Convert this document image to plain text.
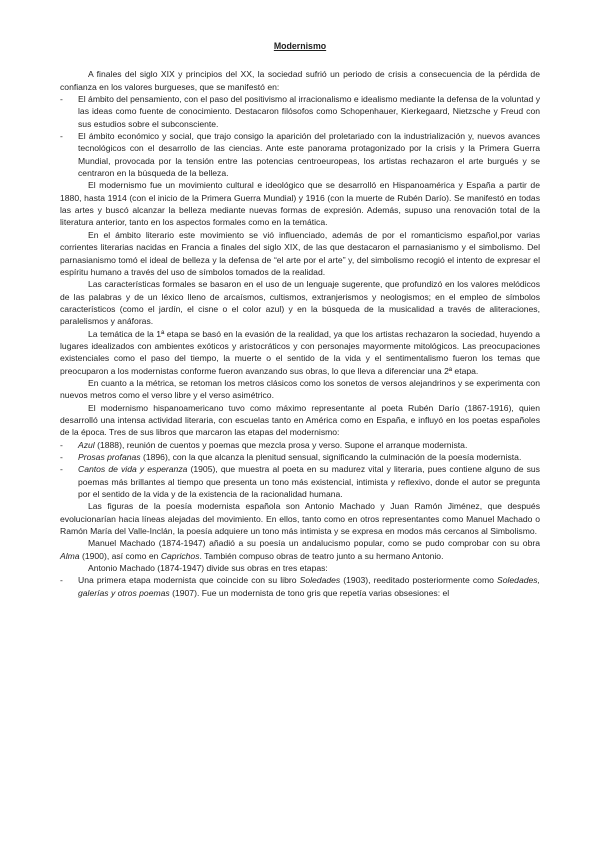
Modernismo

A finales del siglo XIX y principios del XX, la sociedad sufrió un periodo de crisis a consecuencia de la pérdida de confianza en los valores burgueses, que se manifestó en:

- El ámbito del pensamiento, con el paso del positivismo al irracionalismo e idealismo mediante la defensa de la voluntad y las ideas como fuente de conocimiento. Destacaron filósofos como Schopenhauer, Kierkegaard, Nietzsche y Freud con sus estudios sobre el subconsciente.
- El ámbito económico y social, que trajo consigo la aparición del proletariado con la industrialización y, nuevos avances tecnológicos con el desarrollo de las ciencias. Ante este panorama protagonizado por la crisis y la Primera Guerra Mundial, provocada por la tensión entre las potencias centroeuropeas, los artistas rechazaron el arte burgués y se centraron en la búsqueda de la belleza.

El modernismo fue un movimiento cultural e ideológico que se desarrolló en Hispanoamérica y España a partir de 1880, hasta 1914 (con el inicio de la Primera Guerra Mundial) y 1916 (con la muerte de Rubén Darío). Se manifestó en todas las artes y buscó alcanzar la belleza mediante nuevas formas de expresión. Además, supuso una renovación total de la literatura anterior, tanto en los aspectos formales como en la temática.

En el ámbito literario este movimiento se vió influenciado, además de por el romanticismo español,por varias corrientes literarias nacidas en Francia a finales del siglo XIX, de las que destacaron el parnasianismo y el simbolismo. Del parnasianismo tomó el ideal de belleza y la defensa de “el arte por el arte” y, del simbolismo recogió el intento de expresar el espíritu humano a través del uso de símbolos tomados de la realidad.

Las características formales se basaron en el uso de un lenguaje sugerente, que profundizó en los valores melódicos de las palabras y de un léxico lleno de arcaísmos, cultismos, extranjerismos y neologismos; en el empleo de símbolos característicos (como el jardín, el cisne o el color azul) y en la búsqueda de la musicalidad a través de aliteraciones, paralelismos y anáforas.

La temática de la 1ª etapa se basó en la evasión de la realidad, ya que los artistas rechazaron la sociedad, huyendo a lugares idealizados con ambientes exóticos y aristocráticos y con personajes mayormente mitológicos. Las preocupaciones existenciales como el paso del tiempo, la muerte o el sentido de la vida y el sentimentalismo fueron los temas que preocuparon a los modernistas conforme fueron avanzando sus obras, lo que lleva a diferenciar una 2ª etapa.

En cuanto a la métrica, se retoman los metros clásicos como los sonetos de versos alejandrinos y se experimenta con nuevos metros como el verso libre y el verso asimétrico.

El modernismo hispanoamericano tuvo como máximo representante al poeta Rubén Darío (1867-1916), quien desarrolló una intensa actividad literaria, con escuelas tanto en América como en España, e influyó en los poetas españoles de la época. Tres de sus libros que marcaron las etapas del modernismo:

- Azul (1888), reunión de cuentos y poemas que mezcla prosa y verso. Supone el arranque modernista.
- Prosas profanas (1896), con la que alcanza la plenitud sensual, significando la culminación de la poesía modernista.
- Cantos de vida y esperanza (1905), que muestra al poeta en su madurez vital y literaria, pues contiene alguno de sus poemas más brillantes al tiempo que presenta un tono más existencial, intimista y reflexivo, donde el autor se pregunta por el sentido de la vida y de la existencia de la racionalidad humana.

Las figuras de la poesía modernista española son Antonio Machado y Juan Ramón Jiménez, que después evolucionarían hacia líneas alejadas del movimiento. En ellos, tanto como en otros representantes como Manuel Machado o Ramón María del Valle-Inclán, la poesía adquiere un tono más intimista y se expresa en modos más cercanos al Simbolismo.

Manuel Machado (1874-1947) añadió a su poesía un andalucismo popular, como se pudo comprobar con su obra Alma (1900), así como en Caprichos. También compuso obras de teatro junto a su hermano Antonio.

Antonio Machado (1874-1947) divide sus obras en tres etapas:

- Una primera etapa modernista que coincide con su libro Soledades (1903), reeditado posteriormente como Soledades, galerías y otros poemas (1907). Fue un modernista de tono gris que repetía varias obsesiones: el
